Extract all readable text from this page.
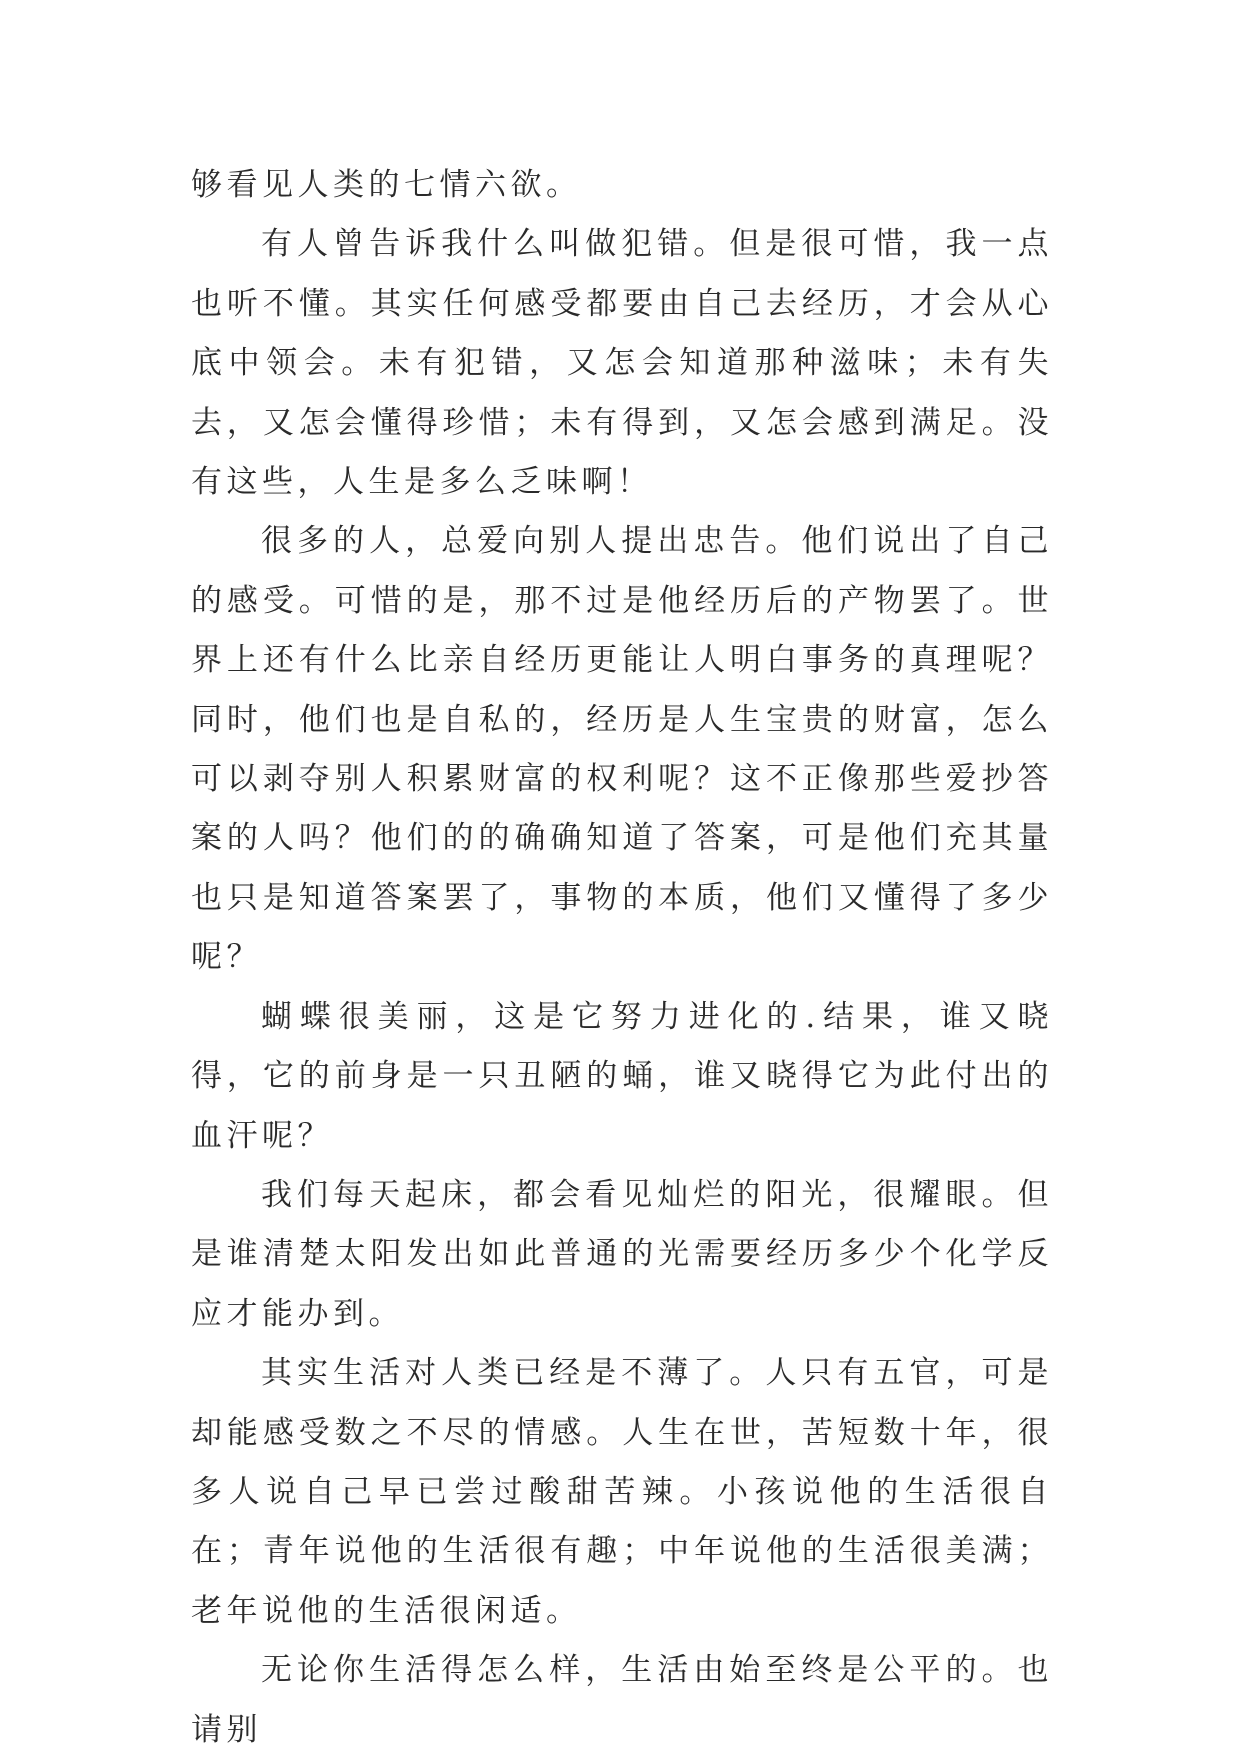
够看见人类的七情六欲。

有人曾告诉我什么叫做犯错。但是很可惜，我一点也听不懂。其实任何感受都要由自己去经历，才会从心底中领会。未有犯错，又怎会知道那种滋味；未有失去，又怎会懂得珍惜；未有得到，又怎会感到满足。没有这些，人生是多么乏味啊！

很多的人，总爱向别人提出忠告。他们说出了自己的感受。可惜的是，那不过是他经历后的产物罢了。世界上还有什么比亲自经历更能让人明白事务的真理呢？同时，他们也是自私的，经历是人生宝贵的财富，怎么可以剥夺别人积累财富的权利呢？这不正像那些爱抄答案的人吗？他们的的确确知道了答案，可是他们充其量也只是知道答案罢了，事物的本质，他们又懂得了多少呢？

蝴蝶很美丽，这是它努力进化的.结果，谁又晓得，它的前身是一只丑陋的蛹，谁又晓得它为此付出的血汗呢？

我们每天起床，都会看见灿烂的阳光，很耀眼。但是谁清楚太阳发出如此普通的光需要经历多少个化学反应才能办到。

其实生活对人类已经是不薄了。人只有五官，可是却能感受数之不尽的情感。人生在世，苦短数十年，很多人说自己早已尝过酸甜苦辣。小孩说他的生活很自在；青年说他的生活很有趣；中年说他的生活很美满；老年说他的生活很闲适。

无论你生活得怎么样，生活由始至终是公平的。也请别
